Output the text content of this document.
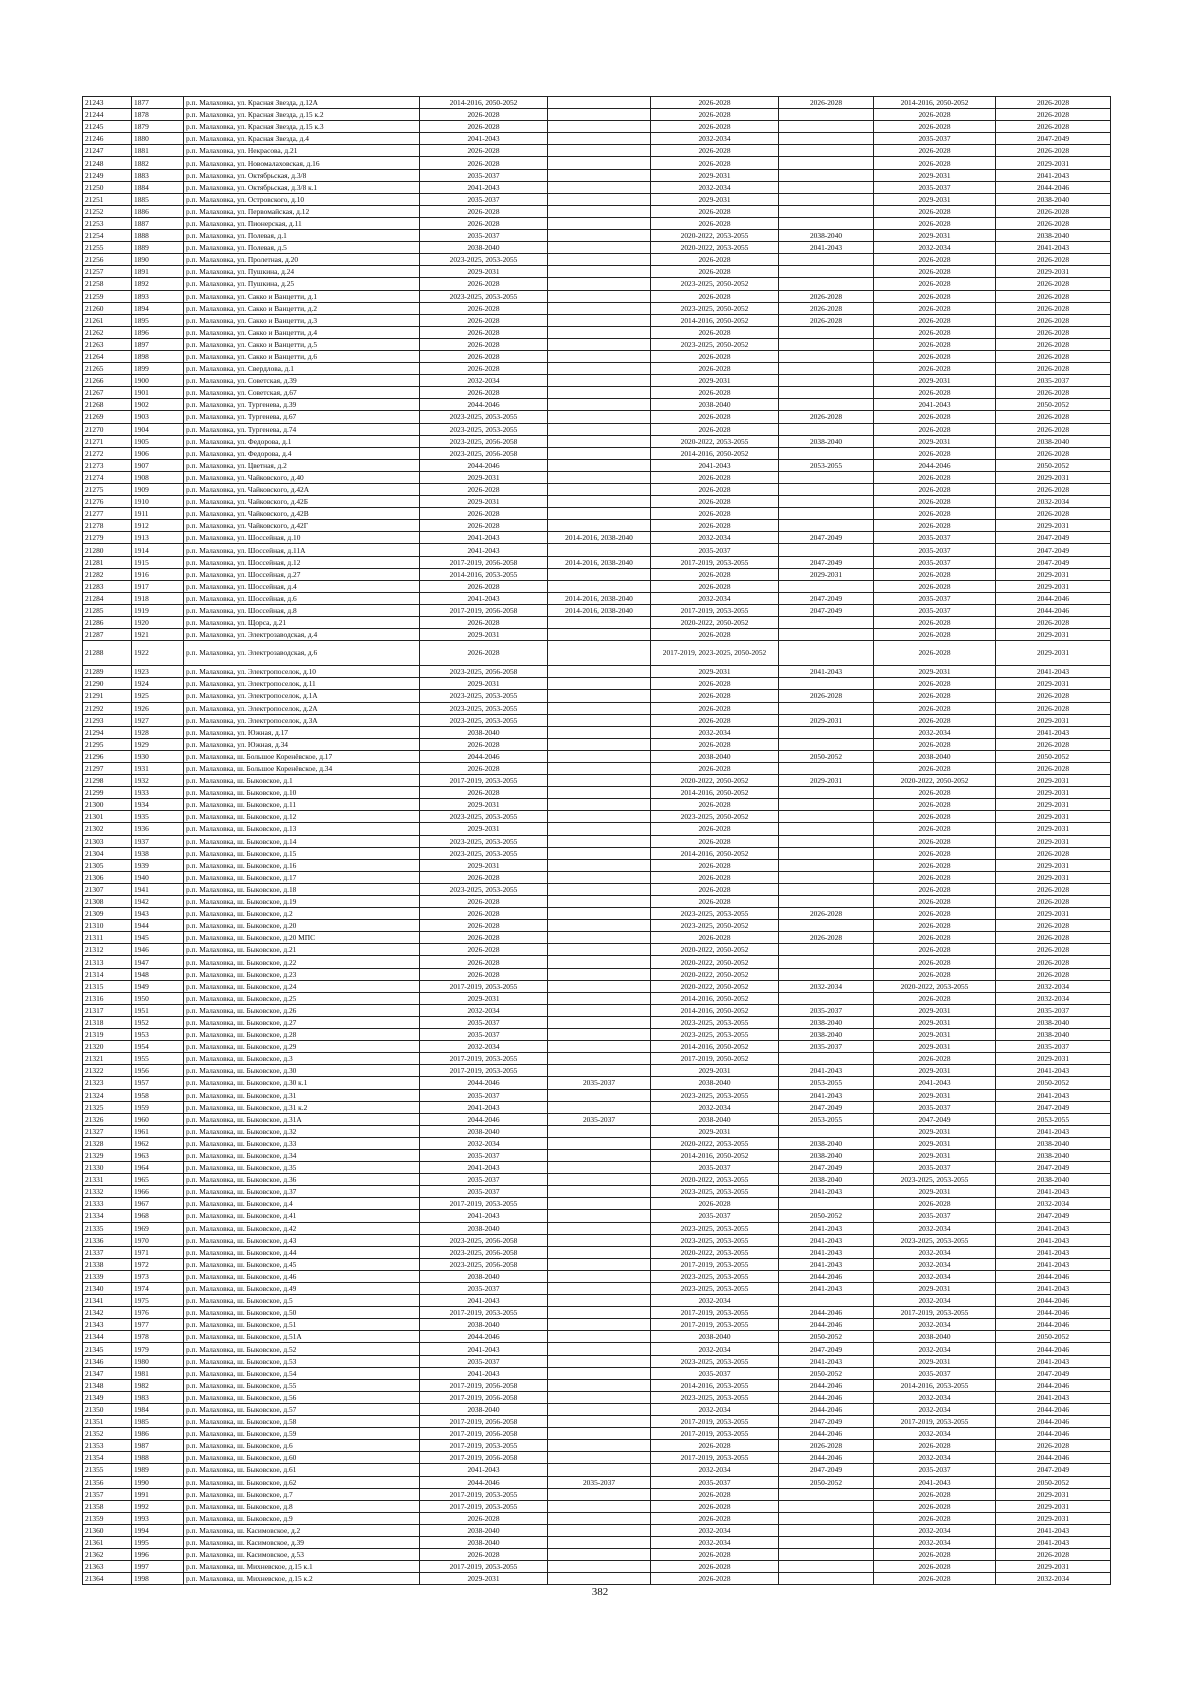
21243	1877	р.п. Малаховка, ул. Красная Звезда, д.12А	2014-2016, 2050-2052		2026-2028	2026-2028	2014-2016, 2050-2052	2026-2028
21244	1878	р.п. Малаховка, ул. Красная Звезда, д.15 к.2	2026-2028		2026-2028		2026-2028	2026-2028
21245	1879	р.п. Малаховка, ул. Красная Звезда, д.15 к.3	2026-2028		2026-2028		2026-2028	2026-2028
21246	1880	р.п. Малаховка, ул. Красная Звезда, д.4	2041-2043		2032-2034		2035-2037	2047-2049
21247	1881	р.п. Малаховка, ул. Некрасова, д.21	2026-2028		2026-2028		2026-2028	2026-2028
21248	1882	р.п. Малаховка, ул. Новомалаховская, д.16	2026-2028		2026-2028		2026-2028	2029-2031
21249	1883	р.п. Малаховка, ул. Октябрьская, д.3/8	2035-2037		2029-2031		2029-2031	2041-2043
21250	1884	р.п. Малаховка, ул. Октябрьская, д.3/8 к.1	2041-2043		2032-2034		2035-2037	2044-2046
21251	1885	р.п. Малаховка, ул. Островского, д.10	2035-2037		2029-2031		2029-2031	2038-2040
21252	1886	р.п. Малаховка, ул. Первомайская, д.12	2026-2028		2026-2028		2026-2028	2026-2028
21253	1887	р.п. Малаховка, ул. Пионерская, д.11	2026-2028		2026-2028		2026-2028	2026-2028
21254	1888	р.п. Малаховка, ул. Полевая, д.1	2035-2037		2020-2022, 2053-2055	2038-2040	2029-2031	2038-2040
21255	1889	р.п. Малаховка, ул. Полевая, д.5	2038-2040		2020-2022, 2053-2055	2041-2043	2032-2034	2041-2043
21256	1890	р.п. Малаховка, ул. Пролетная, д.20	2023-2025, 2053-2055		2026-2028		2026-2028	2026-2028
21257	1891	р.п. Малаховка, ул. Пушкина, д.24	2029-2031		2026-2028		2026-2028	2029-2031
21258	1892	р.п. Малаховка, ул. Пушкина, д.25	2026-2028		2023-2025, 2050-2052		2026-2028	2026-2028
21259	1893	р.п. Малаховка, ул. Сакко и Ванцетти, д.1	2023-2025, 2053-2055		2026-2028	2026-2028	2026-2028	2026-2028
21260	1894	р.п. Малаховка, ул. Сакко и Ванцетти, д.2	2026-2028		2023-2025, 2050-2052	2026-2028	2026-2028	2026-2028
21261	1895	р.п. Малаховка, ул. Сакко и Ванцетти, д.3	2026-2028		2014-2016, 2050-2052	2026-2028	2026-2028	2026-2028
21262	1896	р.п. Малаховка, ул. Сакко и Ванцетти, д.4	2026-2028		2026-2028		2026-2028	2026-2028
21263	1897	р.п. Малаховка, ул. Сакко и Ванцетти, д.5	2026-2028		2023-2025, 2050-2052		2026-2028	2026-2028
21264	1898	р.п. Малаховка, ул. Сакко и Ванцетти, д.6	2026-2028		2026-2028		2026-2028	2026-2028
21265	1899	р.п. Малаховка, ул. Свердлова, д.1	2026-2028		2026-2028		2026-2028	2026-2028
21266	1900	р.п. Малаховка, ул. Советская, д.39	2032-2034		2029-2031		2029-2031	2035-2037
21267	1901	р.п. Малаховка, ул. Советская, д.67	2026-2028		2026-2028		2026-2028	2026-2028
21268	1902	р.п. Малаховка, ул. Тургенева, д.39	2044-2046		2038-2040		2041-2043	2050-2052
21269	1903	р.п. Малаховка, ул. Тургенева, д.67	2023-2025, 2053-2055		2026-2028	2026-2028	2026-2028	2026-2028
21270	1904	р.п. Малаховка, ул. Тургенева, д.74	2023-2025, 2053-2055		2026-2028		2026-2028	2026-2028
21271	1905	р.п. Малаховка, ул. Федорова, д.1	2023-2025, 2056-2058		2020-2022, 2053-2055	2038-2040	2029-2031	2038-2040
21272	1906	р.п. Малаховка, ул. Федорова, д.4	2023-2025, 2056-2058		2014-2016, 2050-2052		2026-2028	2026-2028
21273	1907	р.п. Малаховка, ул. Цветная, д.2	2044-2046		2041-2043	2053-2055	2044-2046	2050-2052
21274	1908	р.п. Малаховка, ул. Чайковского, д.40	2029-2031		2026-2028		2026-2028	2029-2031
21275	1909	р.п. Малаховка, ул. Чайковского, д.42А	2026-2028		2026-2028		2026-2028	2026-2028
21276	1910	р.п. Малаховка, ул. Чайковского, д.42Б	2029-2031		2026-2028		2026-2028	2032-2034
21277	1911	р.п. Малаховка, ул. Чайковского, д.42В	2026-2028		2026-2028		2026-2028	2026-2028
21278	1912	р.п. Малаховка, ул. Чайковского, д.42Г	2026-2028		2026-2028		2026-2028	2029-2031
21279	1913	р.п. Малаховка, ул. Шоссейная, д.10	2041-2043	2014-2016, 2038-2040	2032-2034	2047-2049	2035-2037	2047-2049
21280	1914	р.п. Малаховка, ул. Шоссейная, д.11А	2041-2043		2035-2037		2035-2037	2047-2049
21281	1915	р.п. Малаховка, ул. Шоссейная, д.12	2017-2019, 2056-2058	2014-2016, 2038-2040	2017-2019, 2053-2055	2047-2049	2035-2037	2047-2049
21282	1916	р.п. Малаховка, ул. Шоссейная, д.27	2014-2016, 2053-2055		2026-2028	2029-2031	2026-2028	2029-2031
21283	1917	р.п. Малаховка, ул. Шоссейная, д.4	2026-2028		2026-2028		2026-2028	2029-2031
21284	1918	р.п. Малаховка, ул. Шоссейная, д.6	2041-2043	2014-2016, 2038-2040	2032-2034	2047-2049	2035-2037	2044-2046
21285	1919	р.п. Малаховка, ул. Шоссейная, д.8	2017-2019, 2056-2058	2014-2016, 2038-2040	2017-2019, 2053-2055	2047-2049	2035-2037	2044-2046
21286	1920	р.п. Малаховка, ул. Щорса, д.21	2026-2028		2020-2022, 2050-2052		2026-2028	2026-2028
21287	1921	р.п. Малаховка, ул. Электрозаводская, д.4	2029-2031		2026-2028		2026-2028	2029-2031
21288	1922	р.п. Малаховка, ул. Электрозаводская, д.6	2026-2028		2017-2019, 2023-2025, 2050-2052		2026-2028	2029-2031
21289	1923	р.п. Малаховка, ул. Электропоселок, д.10	2023-2025, 2056-2058		2029-2031	2041-2043	2029-2031	2041-2043
21290	1924	р.п. Малаховка, ул. Электропоселок, д.11	2029-2031		2026-2028		2026-2028	2029-2031
21291	1925	р.п. Малаховка, ул. Электропоселок, д.1А	2023-2025, 2053-2055		2026-2028	2026-2028	2026-2028	2026-2028
21292	1926	р.п. Малаховка, ул. Электропоселок, д.2А	2023-2025, 2053-2055		2026-2028		2026-2028	2026-2028
21293	1927	р.п. Малаховка, ул. Электропоселок, д.3А	2023-2025, 2053-2055		2026-2028	2029-2031	2026-2028	2029-2031
21294	1928	р.п. Малаховка, ул. Южная, д.17	2038-2040		2032-2034		2032-2034	2041-2043
21295	1929	р.п. Малаховка, ул. Южная, д.34	2026-2028		2026-2028		2026-2028	2026-2028
21296	1930	р.п. Малаховка, ш. Большое Коренёвское, д.17	2044-2046		2038-2040	2050-2052	2038-2040	2050-2052
21297	1931	р.п. Малаховка, ш. Большое Коренёвское, д.34	2026-2028		2026-2028		2026-2028	2026-2028
21298	1932	р.п. Малаховка, ш. Быковское, д.1	2017-2019, 2053-2055		2020-2022, 2050-2052	2029-2031	2020-2022, 2050-2052	2029-2031
21299	1933	р.п. Малаховка, ш. Быковское, д.10	2026-2028		2014-2016, 2050-2052		2026-2028	2029-2031
21300	1934	р.п. Малаховка, ш. Быковское, д.11	2029-2031		2026-2028		2026-2028	2029-2031
21301	1935	р.п. Малаховка, ш. Быковское, д.12	2023-2025, 2053-2055		2023-2025, 2050-2052		2026-2028	2029-2031
21302	1936	р.п. Малаховка, ш. Быковское, д.13	2029-2031		2026-2028		2026-2028	2029-2031
21303	1937	р.п. Малаховка, ш. Быковское, д.14	2023-2025, 2053-2055		2026-2028		2026-2028	2029-2031
21304	1938	р.п. Малаховка, ш. Быковское, д.15	2023-2025, 2053-2055		2014-2016, 2050-2052		2026-2028	2026-2028
21305	1939	р.п. Малаховка, ш. Быковское, д.16	2029-2031		2026-2028		2026-2028	2029-2031
21306	1940	р.п. Малаховка, ш. Быковское, д.17	2026-2028		2026-2028		2026-2028	2029-2031
21307	1941	р.п. Малаховка, ш. Быковское, д.18	2023-2025, 2053-2055		2026-2028		2026-2028	2026-2028
21308	1942	р.п. Малаховка, ш. Быковское, д.19	2026-2028		2026-2028		2026-2028	2026-2028
21309	1943	р.п. Малаховка, ш. Быковское, д.2	2026-2028		2023-2025, 2053-2055	2026-2028	2026-2028	2029-2031
21310	1944	р.п. Малаховка, ш. Быковское, д.20	2026-2028		2023-2025, 2050-2052		2026-2028	2026-2028
21311	1945	р.п. Малаховка, ш. Быковское, д.20 МПС	2026-2028		2026-2028	2026-2028	2026-2028	2026-2028
21312	1946	р.п. Малаховка, ш. Быковское, д.21	2026-2028		2020-2022, 2050-2052		2026-2028	2026-2028
21313	1947	р.п. Малаховка, ш. Быковское, д.22	2026-2028		2020-2022, 2050-2052		2026-2028	2026-2028
21314	1948	р.п. Малаховка, ш. Быковское, д.23	2026-2028		2020-2022, 2050-2052		2026-2028	2026-2028
21315	1949	р.п. Малаховка, ш. Быковское, д.24	2017-2019, 2053-2055		2020-2022, 2050-2052	2032-2034	2020-2022, 2053-2055	2032-2034
21316	1950	р.п. Малаховка, ш. Быковское, д.25	2029-2031		2014-2016, 2050-2052		2026-2028	2032-2034
21317	1951	р.п. Малаховка, ш. Быковское, д.26	2032-2034		2014-2016, 2050-2052	2035-2037	2029-2031	2035-2037
21318	1952	р.п. Малаховка, ш. Быковское, д.27	2035-2037		2023-2025, 2053-2055	2038-2040	2029-2031	2038-2040
21319	1953	р.п. Малаховка, ш. Быковское, д.28	2035-2037		2023-2025, 2053-2055	2038-2040	2029-2031	2038-2040
21320	1954	р.п. Малаховка, ш. Быковское, д.29	2032-2034		2014-2016, 2050-2052	2035-2037	2029-2031	2035-2037
21321	1955	р.п. Малаховка, ш. Быковское, д.3	2017-2019, 2053-2055		2017-2019, 2050-2052		2026-2028	2029-2031
21322	1956	р.п. Малаховка, ш. Быковское, д.30	2017-2019, 2053-2055		2029-2031	2041-2043	2029-2031	2041-2043
21323	1957	р.п. Малаховка, ш. Быковское, д.30 к.1	2044-2046	2035-2037	2038-2040	2053-2055	2041-2043	2050-2052
21324	1958	р.п. Малаховка, ш. Быковское, д.31	2035-2037		2023-2025, 2053-2055	2041-2043	2029-2031	2041-2043
21325	1959	р.п. Малаховка, ш. Быковское, д.31 к.2	2041-2043		2032-2034	2047-2049	2035-2037	2047-2049
21326	1960	р.п. Малаховка, ш. Быковское, д.31А	2044-2046	2035-2037	2038-2040	2053-2055	2047-2049	2053-2055
21327	1961	р.п. Малаховка, ш. Быковское, д.32	2038-2040		2029-2031		2029-2031	2041-2043
21328	1962	р.п. Малаховка, ш. Быковское, д.33	2032-2034		2020-2022, 2053-2055	2038-2040	2029-2031	2038-2040
21329	1963	р.п. Малаховка, ш. Быковское, д.34	2035-2037		2014-2016, 2050-2052	2038-2040	2029-2031	2038-2040
21330	1964	р.п. Малаховка, ш. Быковское, д.35	2041-2043		2035-2037	2047-2049	2035-2037	2047-2049
21331	1965	р.п. Малаховка, ш. Быковское, д.36	2035-2037		2020-2022, 2053-2055	2038-2040	2023-2025, 2053-2055	2038-2040
21332	1966	р.п. Малаховка, ш. Быковское, д.37	2035-2037		2023-2025, 2053-2055	2041-2043	2029-2031	2041-2043
21333	1967	р.п. Малаховка, ш. Быковское, д.4	2017-2019, 2053-2055		2026-2028		2026-2028	2032-2034
21334	1968	р.п. Малаховка, ш. Быковское, д.41	2041-2043		2035-2037	2050-2052	2035-2037	2047-2049
21335	1969	р.п. Малаховка, ш. Быковское, д.42	2038-2040		2023-2025, 2053-2055	2041-2043	2032-2034	2041-2043
21336	1970	р.п. Малаховка, ш. Быковское, д.43	2023-2025, 2056-2058		2023-2025, 2053-2055	2041-2043	2023-2025, 2053-2055	2041-2043
21337	1971	р.п. Малаховка, ш. Быковское, д.44	2023-2025, 2056-2058		2020-2022, 2053-2055	2041-2043	2032-2034	2041-2043
21338	1972	р.п. Малаховка, ш. Быковское, д.45	2023-2025, 2056-2058		2017-2019, 2053-2055	2041-2043	2032-2034	2041-2043
21339	1973	р.п. Малаховка, ш. Быковское, д.46	2038-2040		2023-2025, 2053-2055	2044-2046	2032-2034	2044-2046
21340	1974	р.п. Малаховка, ш. Быковское, д.49	2035-2037		2023-2025, 2053-2055	2041-2043	2029-2031	2041-2043
21341	1975	р.п. Малаховка, ш. Быковское, д.5	2041-2043		2032-2034		2032-2034	2044-2046
21342	1976	р.п. Малаховка, ш. Быковское, д.50	2017-2019, 2053-2055		2017-2019, 2053-2055	2044-2046	2017-2019, 2053-2055	2044-2046
21343	1977	р.п. Малаховка, ш. Быковское, д.51	2038-2040		2017-2019, 2053-2055	2044-2046	2032-2034	2044-2046
21344	1978	р.п. Малаховка, ш. Быковское, д.51А	2044-2046		2038-2040	2050-2052	2038-2040	2050-2052
21345	1979	р.п. Малаховка, ш. Быковское, д.52	2041-2043		2032-2034	2047-2049	2032-2034	2044-2046
21346	1980	р.п. Малаховка, ш. Быковское, д.53	2035-2037		2023-2025, 2053-2055	2041-2043	2029-2031	2041-2043
21347	1981	р.п. Малаховка, ш. Быковское, д.54	2041-2043		2035-2037	2050-2052	2035-2037	2047-2049
21348	1982	р.п. Малаховка, ш. Быковское, д.55	2017-2019, 2056-2058		2014-2016, 2053-2055	2044-2046	2014-2016, 2053-2055	2044-2046
21349	1983	р.п. Малаховка, ш. Быковское, д.56	2017-2019, 2056-2058		2023-2025, 2053-2055	2044-2046	2032-2034	2041-2043
21350	1984	р.п. Малаховка, ш. Быковское, д.57	2038-2040		2032-2034	2044-2046	2032-2034	2044-2046
21351	1985	р.п. Малаховка, ш. Быковское, д.58	2017-2019, 2056-2058		2017-2019, 2053-2055	2047-2049	2017-2019, 2053-2055	2044-2046
21352	1986	р.п. Малаховка, ш. Быковское, д.59	2017-2019, 2056-2058		2017-2019, 2053-2055	2044-2046	2032-2034	2044-2046
21353	1987	р.п. Малаховка, ш. Быковское, д.6	2017-2019, 2053-2055		2026-2028	2026-2028	2026-2028	2026-2028
21354	1988	р.п. Малаховка, ш. Быковское, д.60	2017-2019, 2056-2058		2017-2019, 2053-2055	2044-2046	2032-2034	2044-2046
21355	1989	р.п. Малаховка, ш. Быковское, д.61	2041-2043		2032-2034	2047-2049	2035-2037	2047-2049
21356	1990	р.п. Малаховка, ш. Быковское, д.62	2044-2046	2035-2037	2035-2037	2050-2052	2041-2043	2050-2052
21357	1991	р.п. Малаховка, ш. Быковское, д.7	2017-2019, 2053-2055		2026-2028		2026-2028	2029-2031
21358	1992	р.п. Малаховка, ш. Быковское, д.8	2017-2019, 2053-2055		2026-2028		2026-2028	2029-2031
21359	1993	р.п. Малаховка, ш. Быковское, д.9	2026-2028		2026-2028		2026-2028	2029-2031
21360	1994	р.п. Малаховка, ш. Касимовское, д.2	2038-2040		2032-2034		2032-2034	2041-2043
21361	1995	р.п. Малаховка, ш. Касимовское, д.39	2038-2040		2032-2034		2032-2034	2041-2043
21362	1996	р.п. Малаховка, ш. Касимовское, д.53	2026-2028		2026-2028		2026-2028	2026-2028
21363	1997	р.п. Малаховка, ш. Михневское, д.15 к.1	2017-2019, 2053-2055		2026-2028		2026-2028	2029-2031
21364	1998	р.п. Малаховка, ш. Михневское, д.15 к.2	2029-2031		2026-2028		2026-2028	2032-2034
382
